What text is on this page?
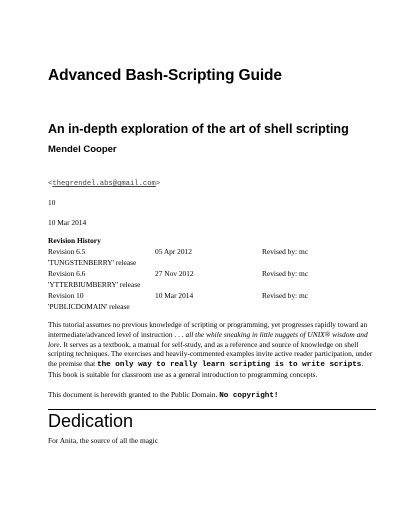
Advanced Bash-Scripting Guide
An in-depth exploration of the art of shell scripting
Mendel Cooper
<thegrendel.abs@gmail.com>
10
10 Mar 2014
Revision History
Revision 6.5	05 Apr 2012	Revised by: mc
'TUNGSTENBERRY' release
Revision 6.6	27 Nov 2012	Revised by: mc
'YTTERBIUMBERRY' release
Revision 10	10 Mar 2014	Revised by: mc
'PUBLICDOMAIN' release
This tutorial assumes no previous knowledge of scripting or programming, yet progresses rapidly toward an intermediate/advanced level of instruction . . . all the while sneaking in little nuggets of UNIX® wisdom and lore. It serves as a textbook, a manual for self-study, and as a reference and source of knowledge on shell scripting techniques. The exercises and heavily-commented examples invite active reader participation, under the premise that the only way to really learn scripting is to write scripts.
This book is suitable for classroom use as a general introduction to programming concepts.
This document is herewith granted to the Public Domain. No copyright!
Dedication
For Anita, the source of all the magic
